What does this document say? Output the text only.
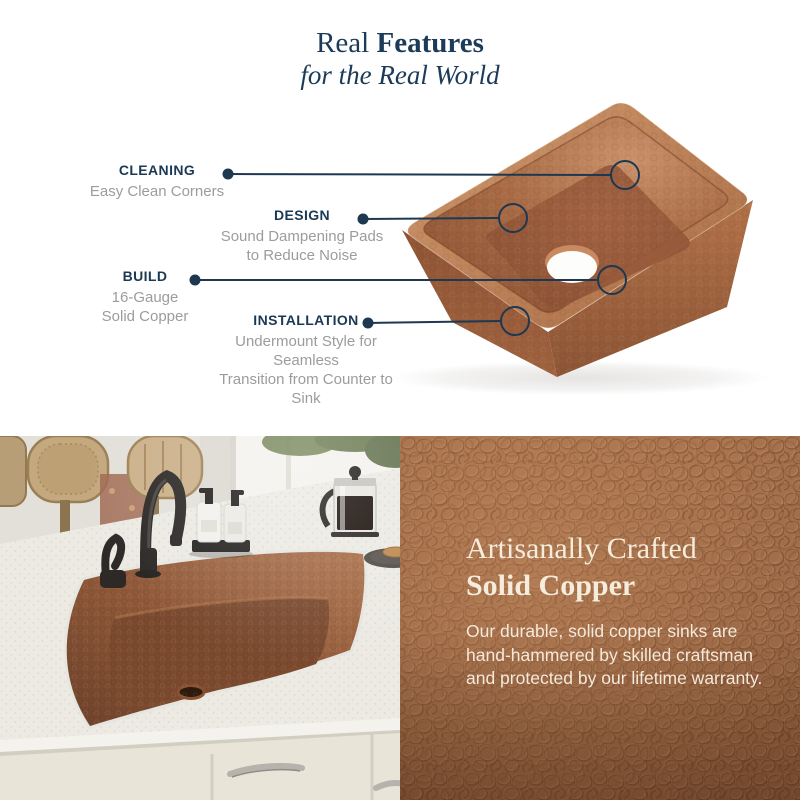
Real Features
for the Real World
CLEANING
Easy Clean Corners
DESIGN
Sound Dampening Pads
to Reduce Noise
BUILD
16-Gauge
Solid Copper	INSTALLATION
Undermount Style for Seamless
Transition from Counter to Sink
Artisanally Crafted
Solid Copper
Our durable, solid copper sinks are
hand-hammered by skilled craftsman
and protected by our lifetime warranty.
